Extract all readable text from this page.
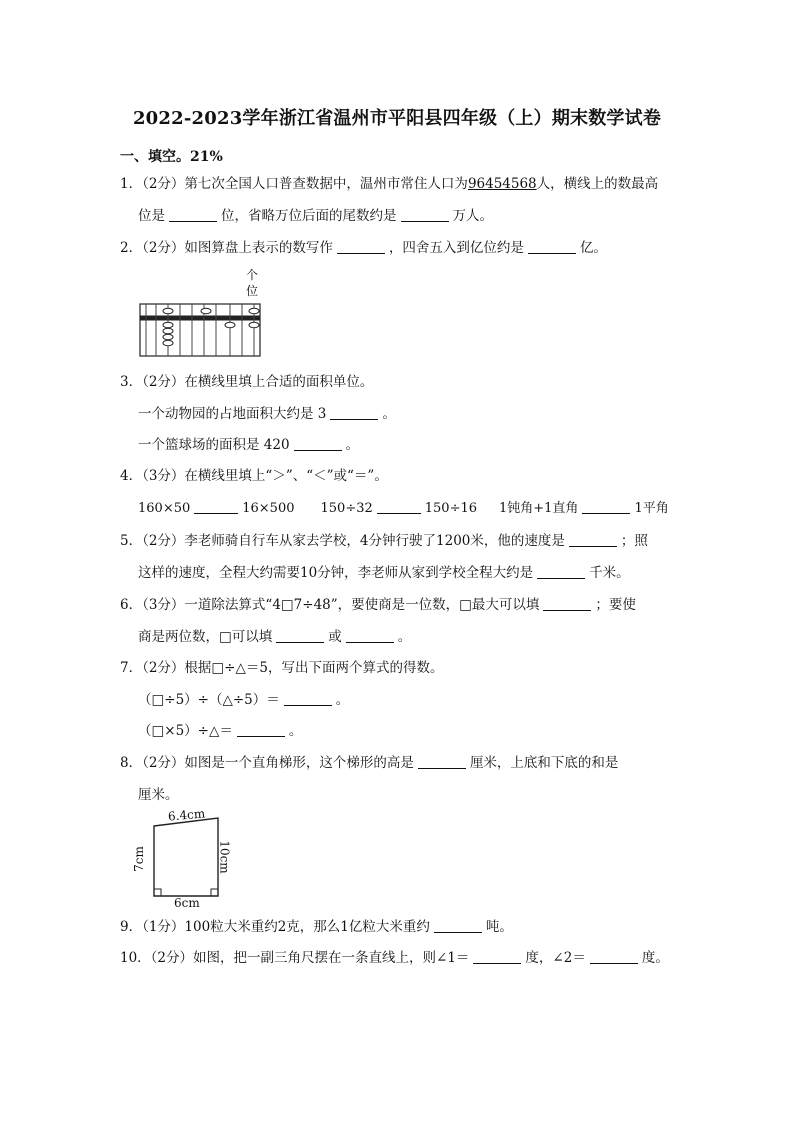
2022-2023学年浙江省温州市平阳县四年级（上）期末数学试卷
一、填空。21%
1．（2分）第七次全国人口普查数据中，温州市常住人口为96454568人，横线上的数最高
位是	位，省略万位后面的尾数约是	万人。
2．（2分）如图算盘上表示的数写作	，四舍五入到亿位约是	亿。
个
位
3．（2分）在横线里填上合适的面积单位。
一个动物园的占地面积大约是 3	。
一个篮球场的面积是 420	。
4．（3分）在横线里填上“＞”、“＜”或“＝”。
160×50	16×500 150÷32	150÷16 1钝角+1直角	1平角
5．（2分）李老师骑自行车从家去学校，4分钟行驶了1200米，他的速度是	；照
这样的速度，全程大约需要10分钟，李老师从家到学校全程大约是	千米。
6．（3分）一道除法算式“4□7÷48”，要使商是一位数，□最大可以填	；要使
商是两位数，□可以填	或	。
7．（2分）根据□÷△＝5，写出下面两个算式的得数。
（□÷5）÷（△÷5）＝	。
（□×5）÷△＝	。
8．（2分）如图是一个直角梯形，这个梯形的高是	厘米，上底和下底的和是
厘米。
6.4cm
7cm	10cm
6cm
9．（1分）100粒大米重约2克，那么1亿粒大米重约	吨。
10．（2分）如图，把一副三角尺摆在一条直线上，则∠1＝	度，∠2＝	度。
